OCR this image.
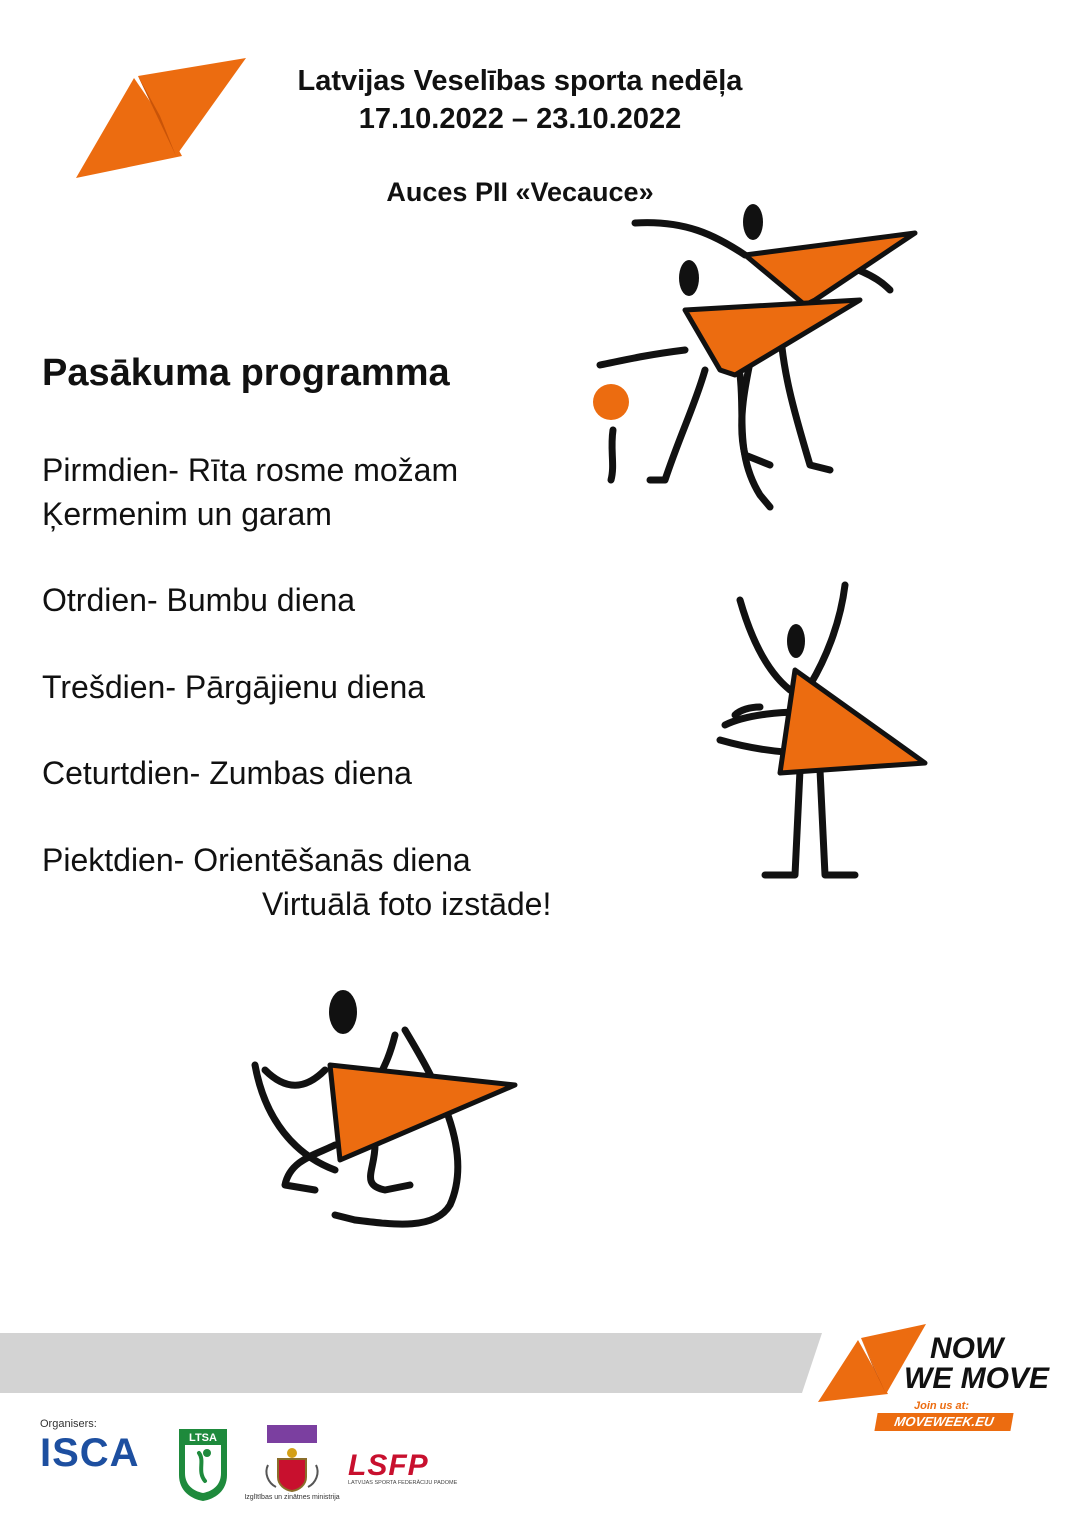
Latvijas Veselības sporta nedēļa
17.10.2022 – 23.10.2022
Auces PII «Vecauce»
Pasākuma programma
Pirmdien- Rīta rosme možam
Ķermenim un garam
Otrdien- Bumbu diena
Trešdien- Pārgājienu diena
Ceturtdien- Zumbas diena
Piektdien- Orientēšanās diena
Virtuālā foto izstāde!
NOW
WE MOVE
Join us at:
MOVEWEEK.EU
Organisers:
ISCA	LTSA
Izglītības un zinātnes ministrija
LSFP
LATVIJAS SPORTA FEDERĀCIJU PADOME
